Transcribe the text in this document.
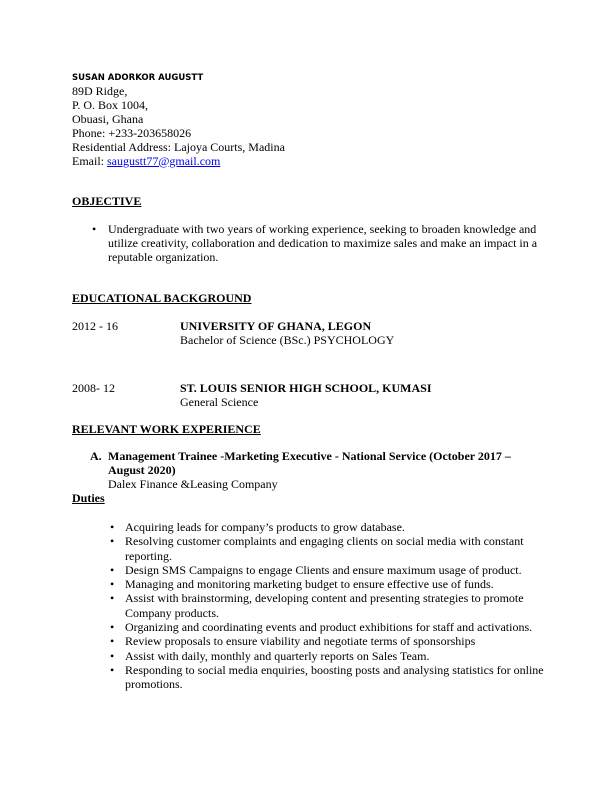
SUSAN ADORKOR AUGUSTT
89D Ridge,
P. O. Box 1004,
Obuasi, Ghana
Phone: +233-203658026
Residential Address: Lajoya Courts, Madina
Email: saugustt77@gmail.com
OBJECTIVE
• Undergraduate with two years of working experience, seeking to broaden knowledge and utilize creativity, collaboration and dedication to maximize sales and make an impact in a reputable organization.
EDUCATIONAL BACKGROUND
2012 - 16	UNIVERSITY OF GHANA, LEGON
Bachelor of Science (BSc.) PSYCHOLOGY
2008- 12	ST. LOUIS SENIOR HIGH SCHOOL, KUMASI
General Science
RELEVANT WORK EXPERIENCE
A. Management Trainee -Marketing Executive - National Service (October 2017 – August 2020)
Dalex Finance &Leasing Company
Duties
• Acquiring leads for company’s products to grow database.
• Resolving customer complaints and engaging clients on social media with constant reporting.
• Design SMS Campaigns to engage Clients and ensure maximum usage of product.
• Managing and monitoring marketing budget to ensure effective use of funds.
• Assist with brainstorming, developing content and presenting strategies to promote Company products.
• Organizing and coordinating events and product exhibitions for staff and activations.
• Review proposals to ensure viability and negotiate terms of sponsorships
• Assist with daily, monthly and quarterly reports on Sales Team.
• Responding to social media enquiries, boosting posts and analysing statistics for online promotions.
